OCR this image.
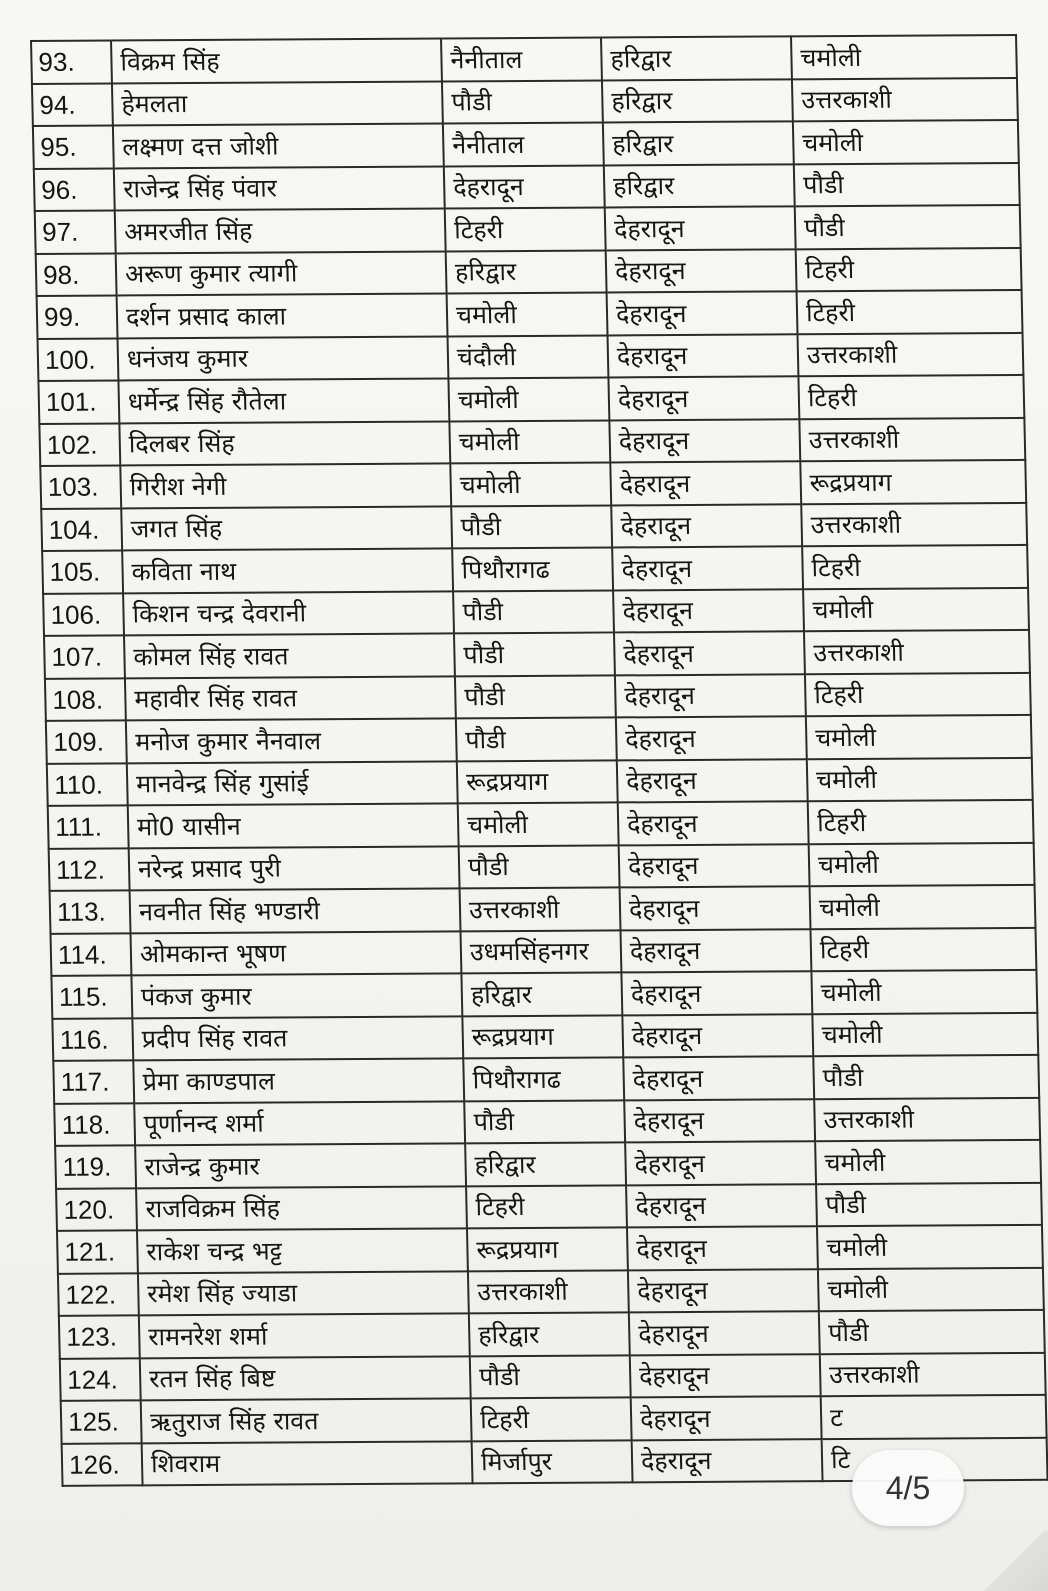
93.	विक्रम सिंह	नैनीताल	हरिद्वार	चमोली
94.	हेमलता	पौडी	हरिद्वार	उत्तरकाशी
95.	लक्ष्मण दत्त जोशी	नैनीताल	हरिद्वार	चमोली
96.	राजेन्द्र सिंह पंवार	देहरादून	हरिद्वार	पौडी
97.	अमरजीत सिंह	टिहरी	देहरादून	पौडी
98.	अरूण कुमार त्यागी	हरिद्वार	देहरादून	टिहरी
99.	दर्शन प्रसाद काला	चमोली	देहरादून	टिहरी
100.	धनंजय कुमार	चंदौली	देहरादून	उत्तरकाशी
101.	धर्मेन्द्र सिंह रौतेला	चमोली	देहरादून	टिहरी
102.	दिलबर सिंह	चमोली	देहरादून	उत्तरकाशी
103.	गिरीश नेगी	चमोली	देहरादून	रूद्रप्रयाग
104.	जगत सिंह	पौडी	देहरादून	उत्तरकाशी
105.	कविता नाथ	पिथौरागढ	देहरादून	टिहरी
106.	किशन चन्द्र देवरानी	पौडी	देहरादून	चमोली
107.	कोमल सिंह रावत	पौडी	देहरादून	उत्तरकाशी
108.	महावीर सिंह रावत	पौडी	देहरादून	टिहरी
109.	मनोज कुमार नैनवाल	पौडी	देहरादून	चमोली
110.	मानवेन्द्र सिंह गुसांई	रूद्रप्रयाग	देहरादून	चमोली
111.	मो0 यासीन	चमोली	देहरादून	टिहरी
112.	नरेन्द्र प्रसाद पुरी	पौडी	देहरादून	चमोली
113.	नवनीत सिंह भण्डारी	उत्तरकाशी	देहरादून	चमोली
114.	ओमकान्त भूषण	उधमसिंहनगर	देहरादून	टिहरी
115.	पंकज कुमार	हरिद्वार	देहरादून	चमोली
116.	प्रदीप सिंह रावत	रूद्रप्रयाग	देहरादून	चमोली
117.	प्रेमा काण्डपाल	पिथौरागढ	देहरादून	पौडी
118.	पूर्णानन्द शर्मा	पौडी	देहरादून	उत्तरकाशी
119.	राजेन्द्र कुमार	हरिद्वार	देहरादून	चमोली
120.	राजविक्रम सिंह	टिहरी	देहरादून	पौडी
121.	राकेश चन्द्र भट्ट	रूद्रप्रयाग	देहरादून	चमोली
122.	रमेश सिंह ज्याडा	उत्तरकाशी	देहरादून	चमोली
123.	रामनरेश शर्मा	हरिद्वार	देहरादून	पौडी
124.	रतन सिंह बिष्ट	पौडी	देहरादून	उत्तरकाशी
125.	ऋतुराज सिंह रावत	टिहरी	देहरादून	ट
126.	शिवराम	मिर्जापुर	देहरादून	टि
4/5
